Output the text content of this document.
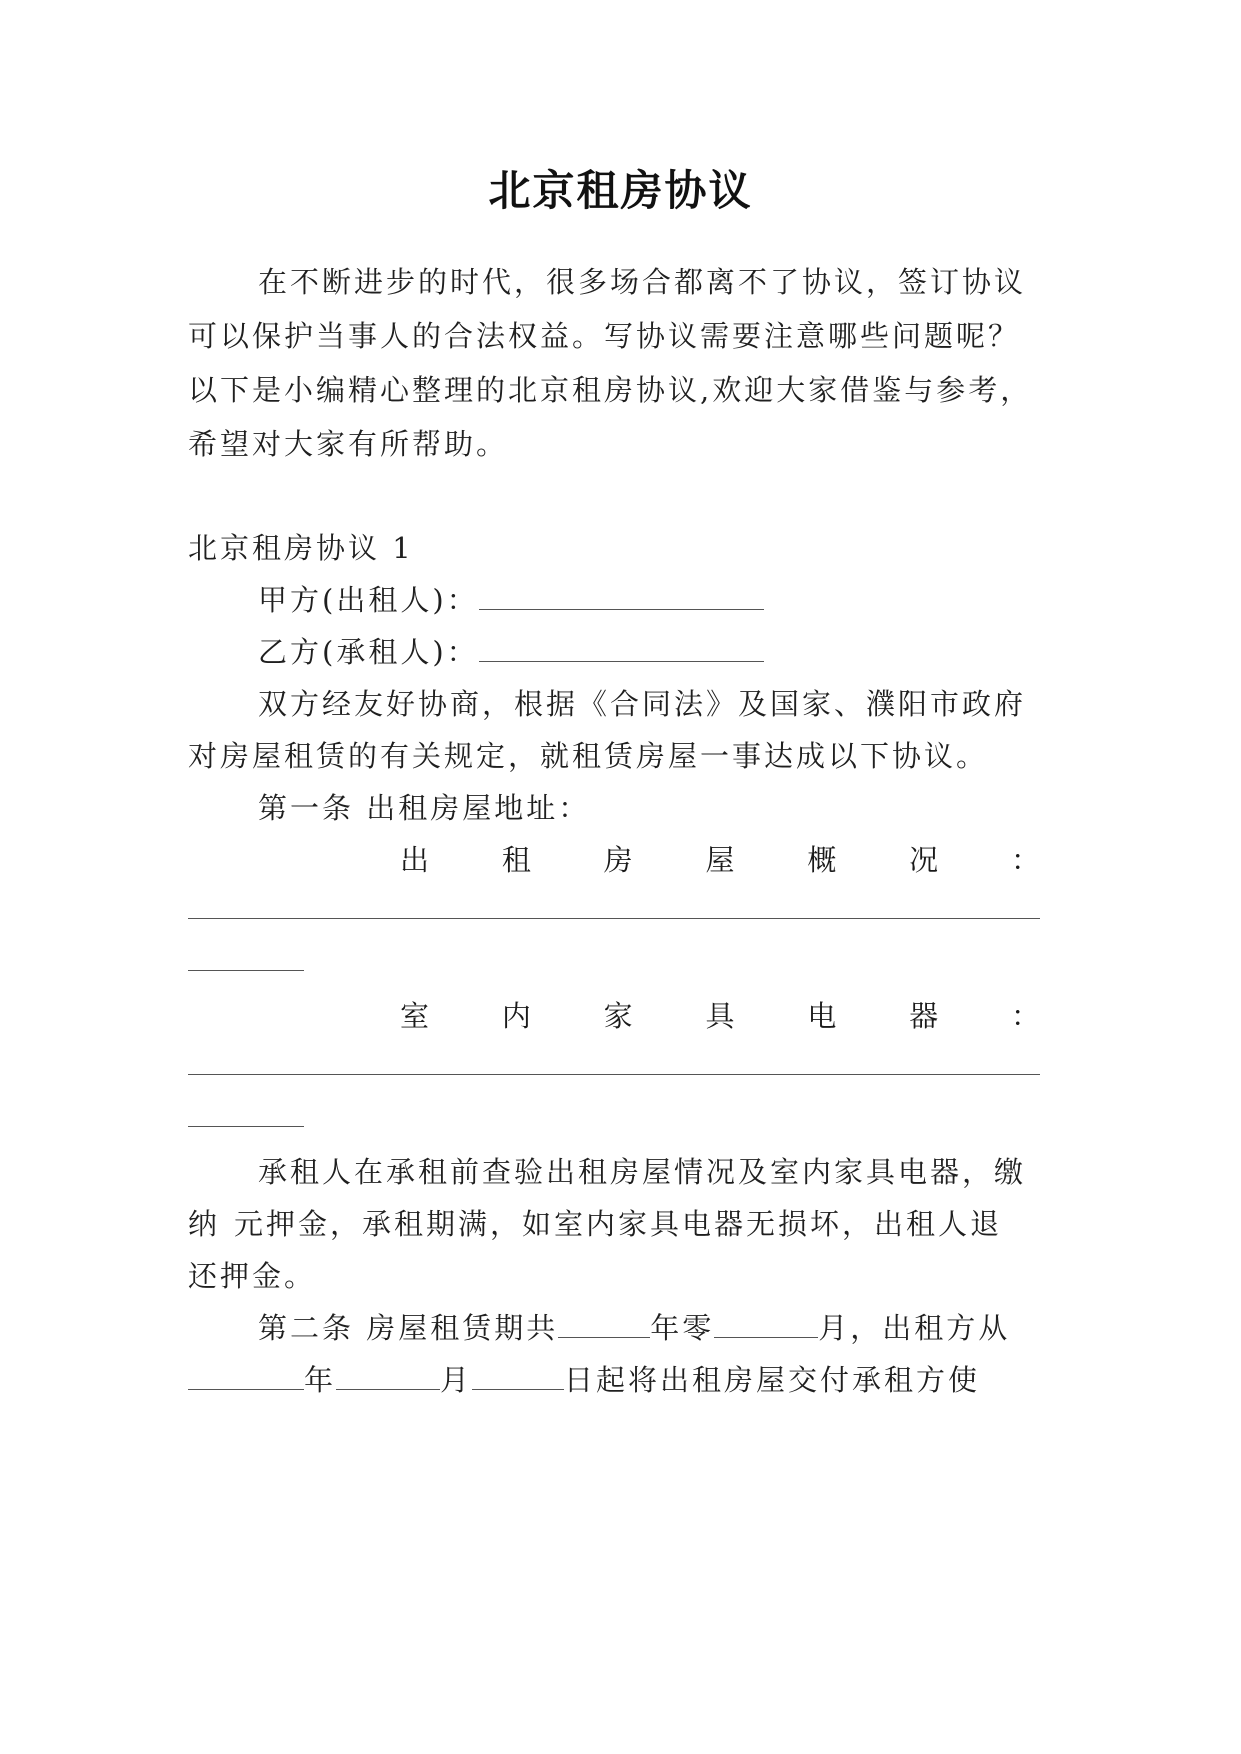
北京租房协议
在不断进步的时代，很多场合都离不了协议，签订协议
可以保护当事人的合法权益。写协议需要注意哪些问题呢？
以下是小编精心整理的北京租房协议,欢迎大家借鉴与参考，
希望对大家有所帮助。
北京租房协议 1
甲方(出租人)：
乙方(承租人)：
双方经友好协商，根据《合同法》及国家、濮阳市政府
对房屋租赁的有关规定，就租赁房屋一事达成以下协议。
第一条 出租房屋地址：
出	租	房	屋	概	况	：
室	内	家	具	电	器	：
承租人在承租前查验出租房屋情况及室内家具电器，缴
纳 元押金，承租期满，如室内家具电器无损坏，出租人退
还押金。
第二条 房屋租赁期共	年零	月，出租方从
年	月	日起将出租房屋交付承租方使
